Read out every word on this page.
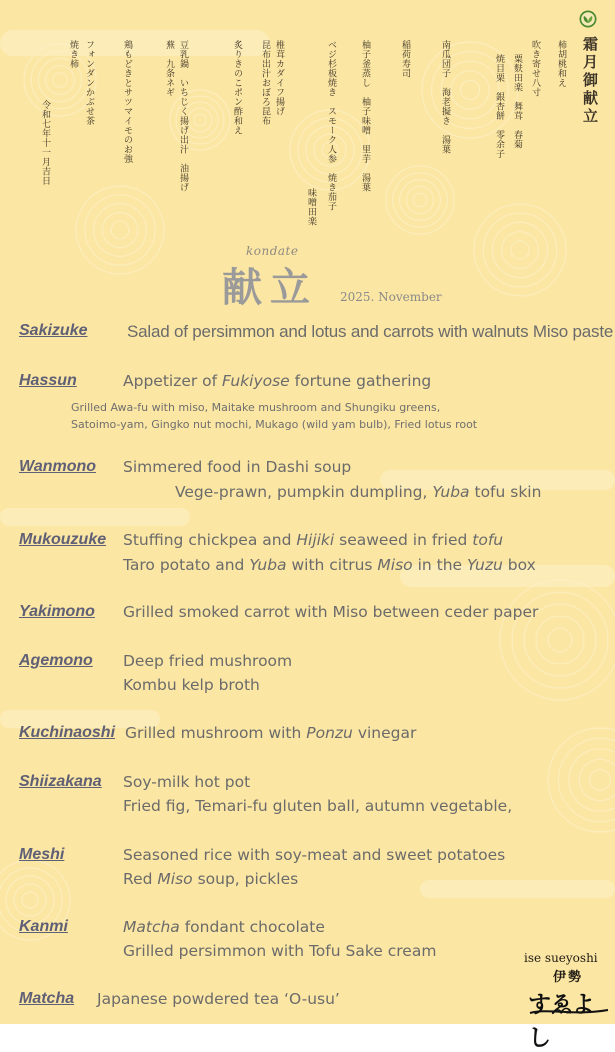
霜月御献立
柿胡桃和え
吹き寄せ八寸
粟麩田楽　舞茸　春菊
焼目栗　銀杏餅　零余子
南瓜団子　海老擬き　湯葉
稲荷寿司
柚子釜蒸し　柚子味噌　里芋　湯葉
ベジ杉板焼き　スモーク人参　焼き茄子
味噌田楽
椎茸カダイフ揚げ
昆布出汁おぼろ昆布
炙りきのこポン酢和え
豆乳鍋　いちじく揚げ出汁　油揚げ
蕪　九条ネギ
鶏もどきとサツマイモのお強
フォンダンかぶせ茶
焼き柿
令和七年十一月吉日
kondate
献立 2025. November
Sakizuke Salad of persimmon and lotus and carrots with walnuts Miso paste
Hassun	Appetizer of Fukiyose fortune gathering
Grilled Awa-fu with miso, Maitake mushroom and Shungiku greens,
Satoimo-yam, Gingko nut mochi, Mukago (wild yam bulb), Fried lotus root
Wanmono Simmered food in Dashi soup
Vege-prawn, pumpkin dumpling, Yuba tofu skin
Mukouzuke Stuffing chickpea and Hijiki seaweed in fried tofu
Taro potato and Yuba with citrus Miso in the Yuzu box
Yakimono Grilled smoked carrot with Miso between ceder paper
Agemono Deep fried mushroom
Kombu kelp broth
Kuchinaoshi Grilled mushroom with Ponzu vinegar
Shiizakana Soy-milk hot pot
Fried fig, Temari-fu gluten ball, autumn vegetable,
Meshi	Seasoned rice with soy-meat and sweet potatoes
Red Miso soup, pickles
Kanmi	Matcha fondant chocolate
Grilled persimmon with Tofu Sake cream
Matcha Japanese powdered tea ‘O-usu’
ise sueyoshi
伊勢
すゑよし
